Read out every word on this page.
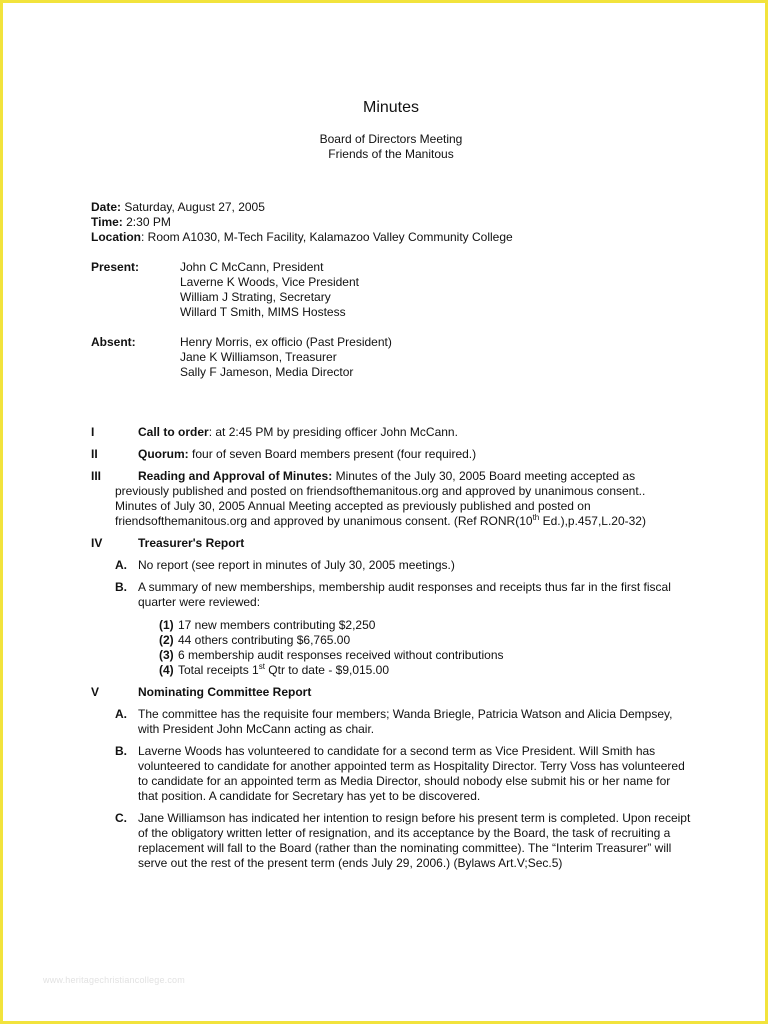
Minutes
Board of Directors Meeting
Friends of the Manitous
Date: Saturday, August 27, 2005
Time: 2:30 PM
Location: Room A1030, M-Tech Facility, Kalamazoo Valley Community College
Present:	John C McCann, President
Laverne K Woods, Vice President
William J Strating, Secretary
Willard T Smith, MIMS Hostess
Absent:	Henry Morris, ex officio (Past President)
Jane K Williamson, Treasurer
Sally F Jameson, Media Director
I	Call to order: at 2:45 PM by presiding officer John McCann.
II	Quorum: four of seven Board members present (four required.)
III	Reading and Approval of Minutes: Minutes of the July 30, 2005 Board meeting accepted as
previously published and posted on friendsofthemanitous.org and approved by unanimous consent..
Minutes of July 30, 2005 Annual Meeting accepted as previously published and posted on
friendsofthemanitous.org and approved by unanimous consent. (Ref RONR(10th Ed.),p.457,L.20-32)
IV	Treasurer's Report
A. No report (see report in minutes of July 30, 2005 meetings.)
B. A summary of new memberships, membership audit responses and receipts thus far in the first fiscal quarter were reviewed:
(1) 17 new members contributing $2,250
(2) 44 others contributing $6,765.00
(3) 6 membership audit responses received without contributions
(4) Total receipts 1st Qtr to date - $9,015.00
V	Nominating Committee Report
A. The committee has the requisite four members; Wanda Briegle, Patricia Watson and Alicia Dempsey, with President John McCann acting as chair.
B. Laverne Woods has volunteered to candidate for a second term as Vice President. Will Smith has volunteered to candidate for another appointed term as Hospitality Director. Terry Voss has volunteered to candidate for an appointed term as Media Director, should nobody else submit his or her name for that position. A candidate for Secretary has yet to be discovered.
C. Jane Williamson has indicated her intention to resign before his present term is completed. Upon receipt of the obligatory written letter of resignation, and its acceptance by the Board, the task of recruiting a replacement will fall to the Board (rather than the nominating committee). The “Interim Treasurer” will serve out the rest of the present term (ends July 29, 2006.) (Bylaws Art.V;Sec.5)
www.heritagechristiancollege.com
